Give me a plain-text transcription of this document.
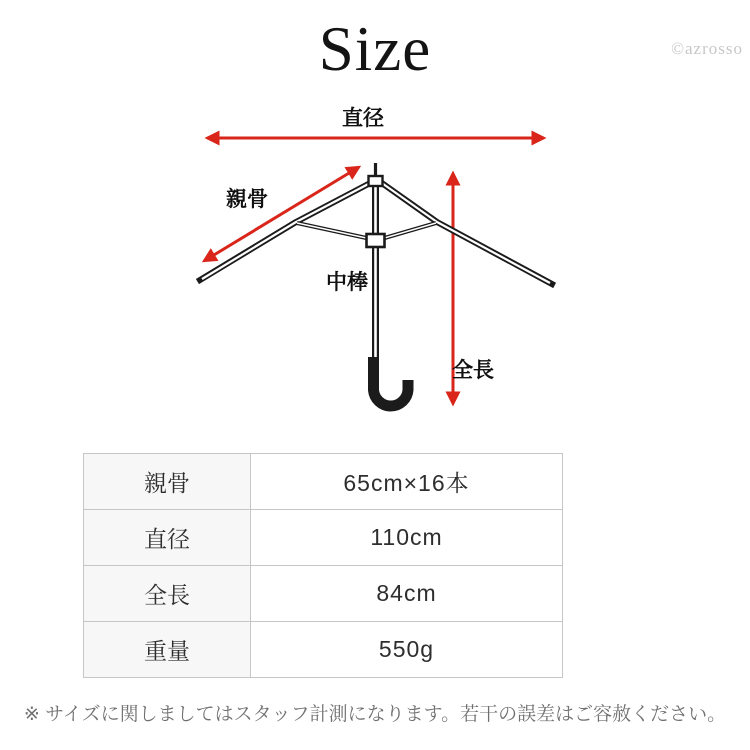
Size	©azrosso
直径
親骨
中棒
全長
親骨	65cm×16本
直径	110cm
全長	84cm
重量	550g
※ サイズに関しましてはスタッフ計測になります。若干の誤差はご容赦ください。
